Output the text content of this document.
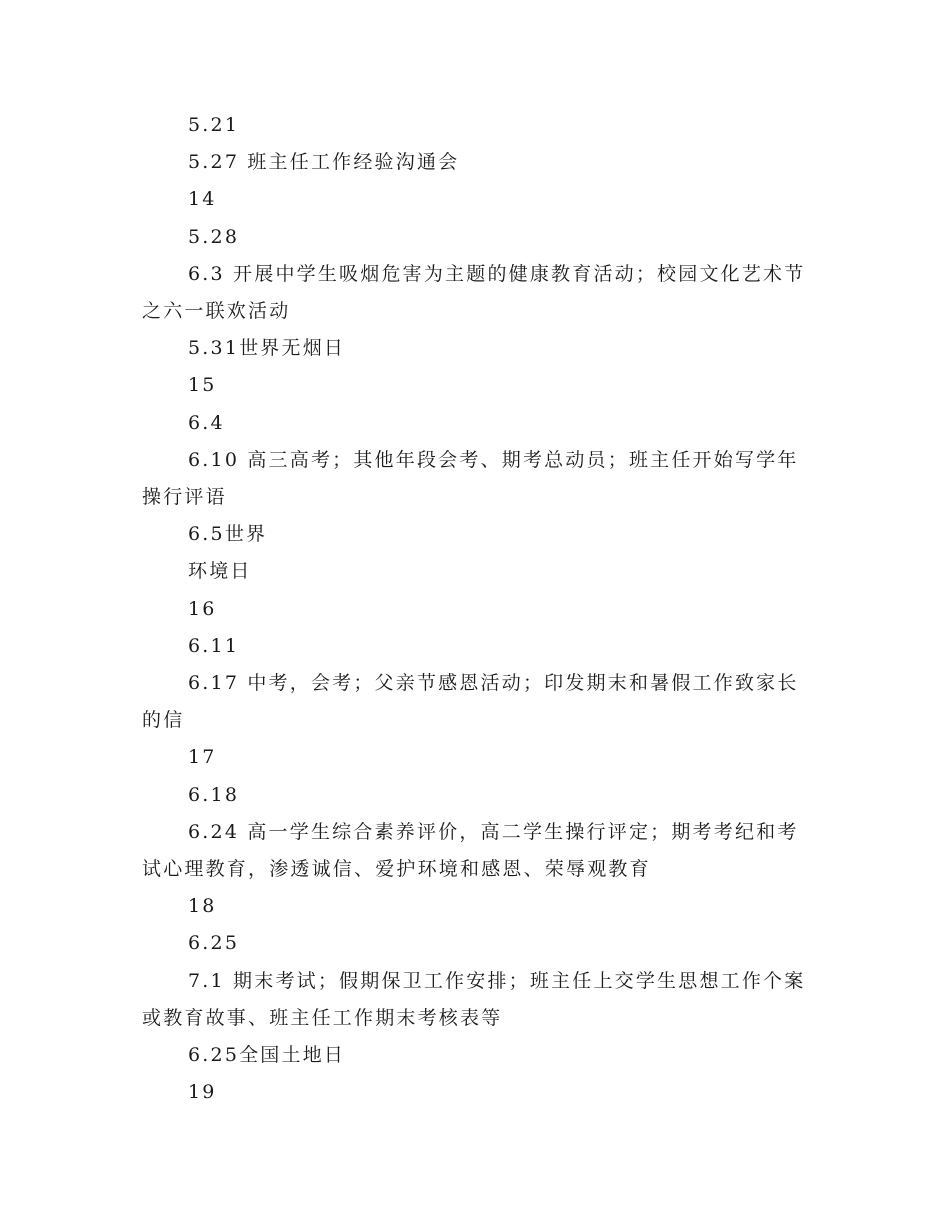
5.21
5.27 班主任工作经验沟通会
14
5.28
6.3 开展中学生吸烟危害为主题的健康教育活动；校园文化艺术节之六一联欢活动
5.31世界无烟日
15
6.4
6.10 高三高考；其他年段会考、期考总动员；班主任开始写学年操行评语
6.5世界
环境日
16
6.11
6.17 中考，会考；父亲节感恩活动；印发期末和暑假工作致家长的信
17
6.18
6.24 高一学生综合素养评价，高二学生操行评定；期考考纪和考试心理教育，渗透诚信、爱护环境和感恩、荣辱观教育
18
6.25
7.1 期末考试；假期保卫工作安排；班主任上交学生思想工作个案或教育故事、班主任工作期末考核表等
6.25全国土地日
19
